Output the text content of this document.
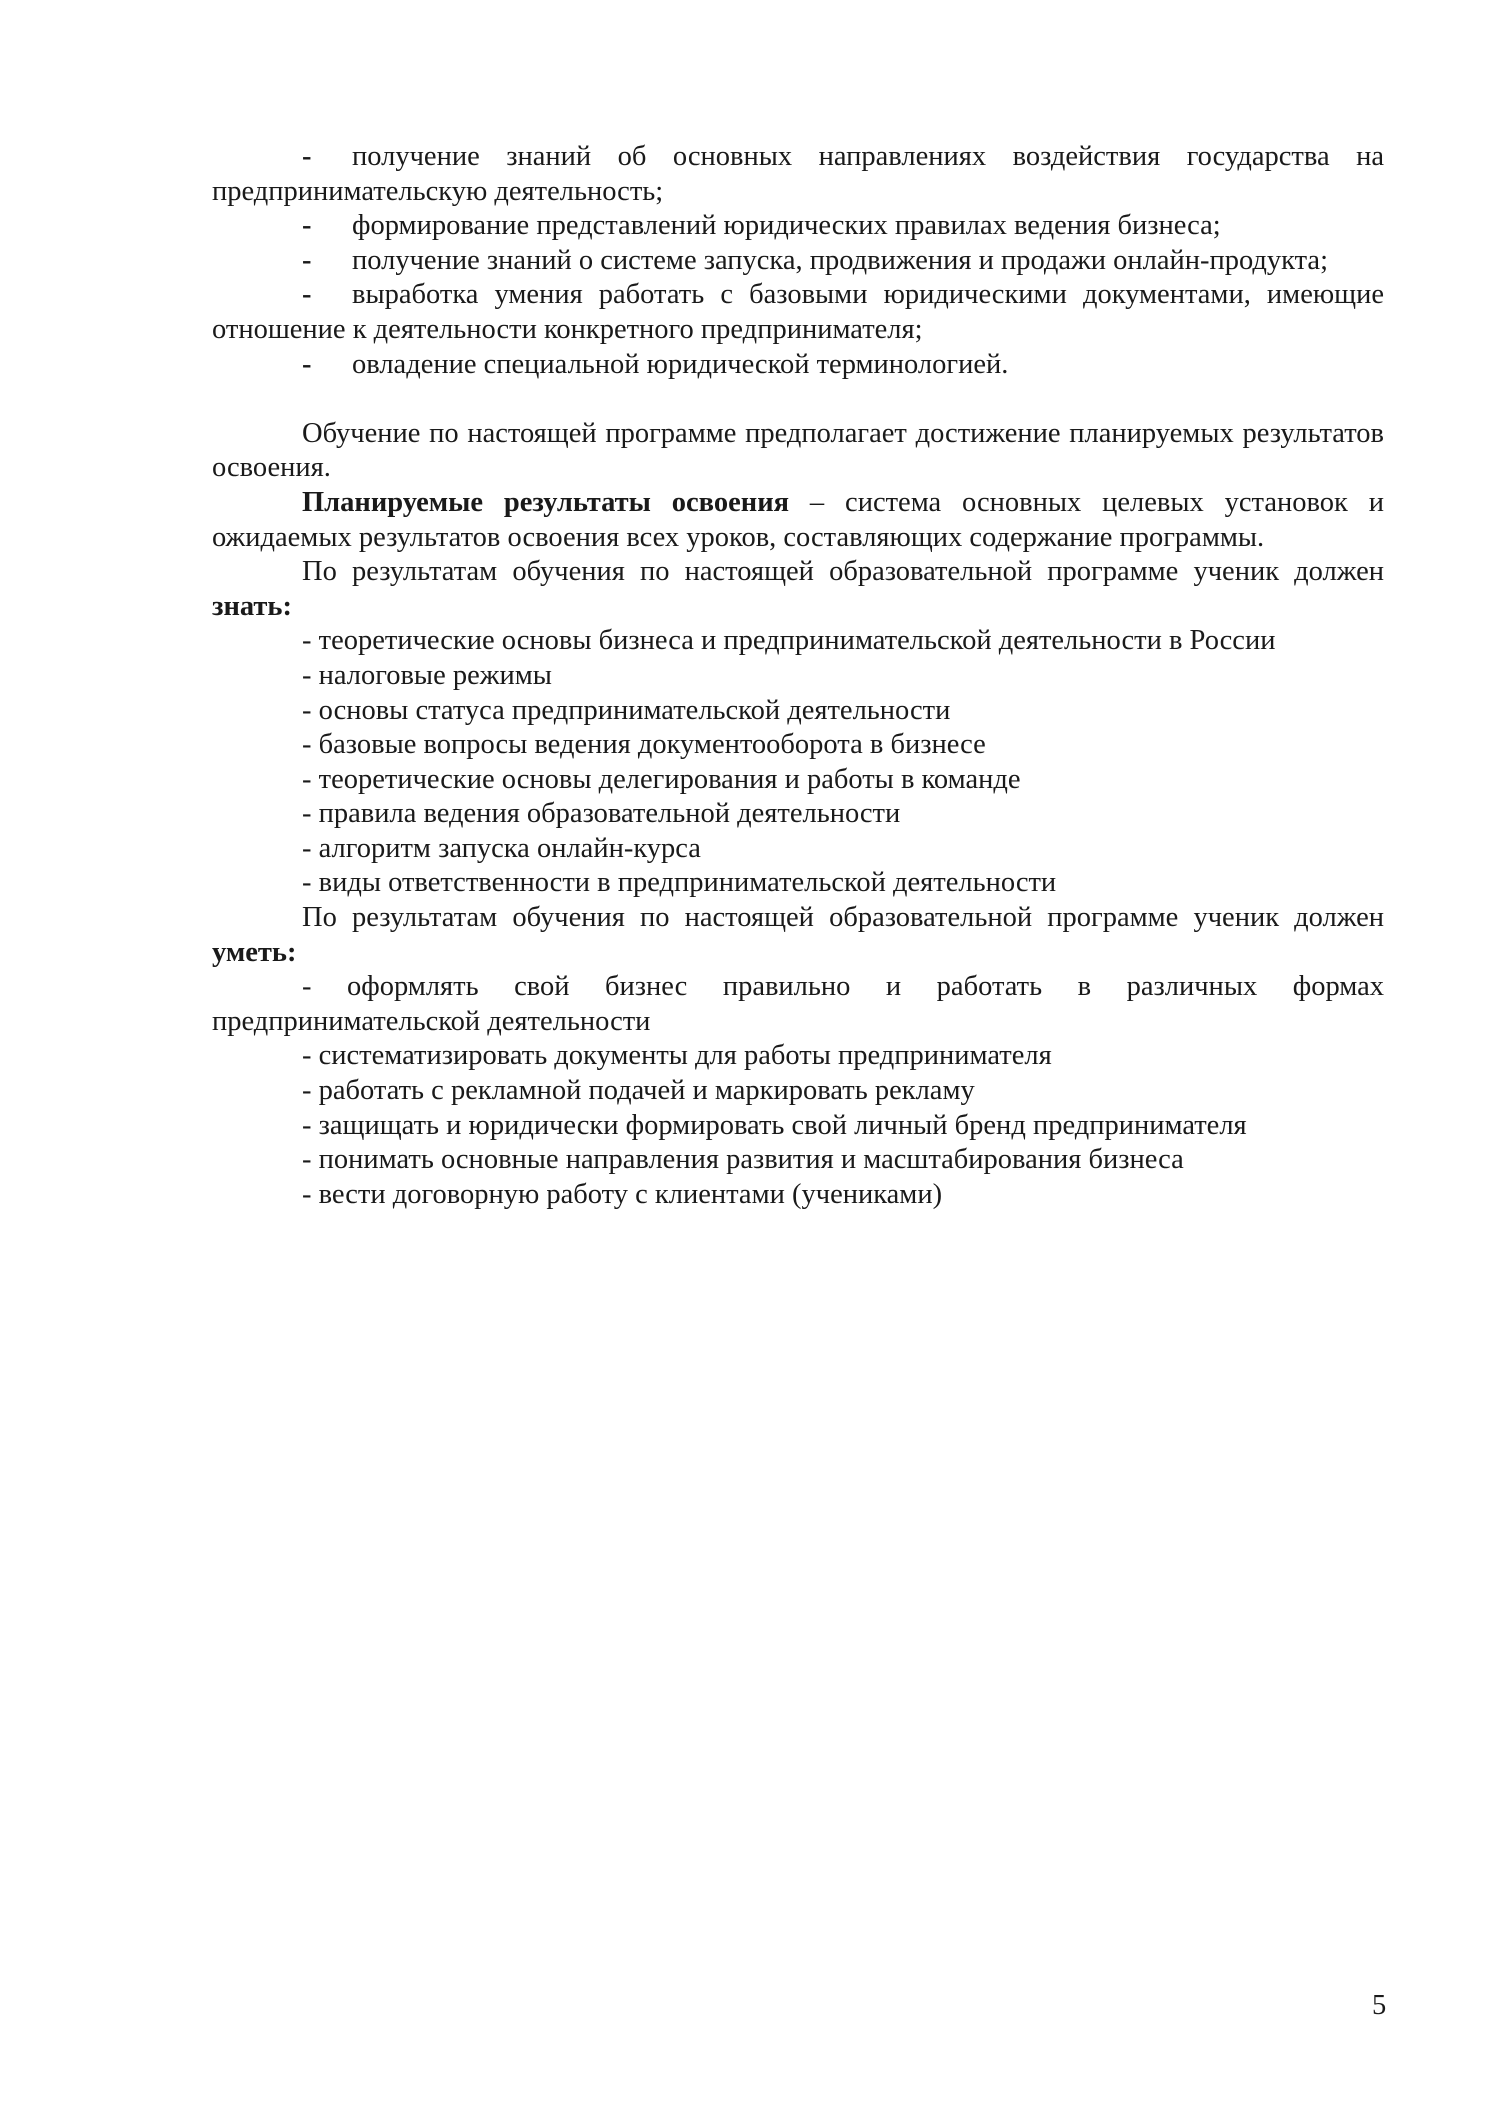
- получение знаний об основных направлениях воздействия государства на предпринимательскую деятельность;

- формирование представлений юридических правилах ведения бизнеса;

- получение знаний о системе запуска, продвижения и продажи онлайн-продукта;

- выработка умения работать с базовыми юридическими документами, имеющие отношение к деятельности конкретного предпринимателя;

- овладение специальной юридической терминологией.

Обучение по настоящей программе предполагает достижение планируемых результатов освоения.

Планируемые результаты освоения – система основных целевых установок и ожидаемых результатов освоения всех уроков, составляющих содержание программы.

По результатам обучения по настоящей образовательной программе ученик должен знать:

- теоретические основы бизнеса и предпринимательской деятельности в России

- налоговые режимы

- основы статуса предпринимательской деятельности

- базовые вопросы ведения документооборота в бизнесе

- теоретические основы делегирования и работы в команде

- правила ведения образовательной деятельности

- алгоритм запуска онлайн-курса

- виды ответственности в предпринимательской деятельности

По результатам обучения по настоящей образовательной программе ученик должен уметь:

- оформлять свой бизнес правильно и работать в различных формах предпринимательской деятельности

- систематизировать документы для работы предпринимателя

- работать с рекламной подачей и маркировать рекламу

- защищать и юридически формировать свой личный бренд предпринимателя

- понимать основные направления развития и масштабирования бизнеса

- вести договорную работу с клиентами (учениками)

5
